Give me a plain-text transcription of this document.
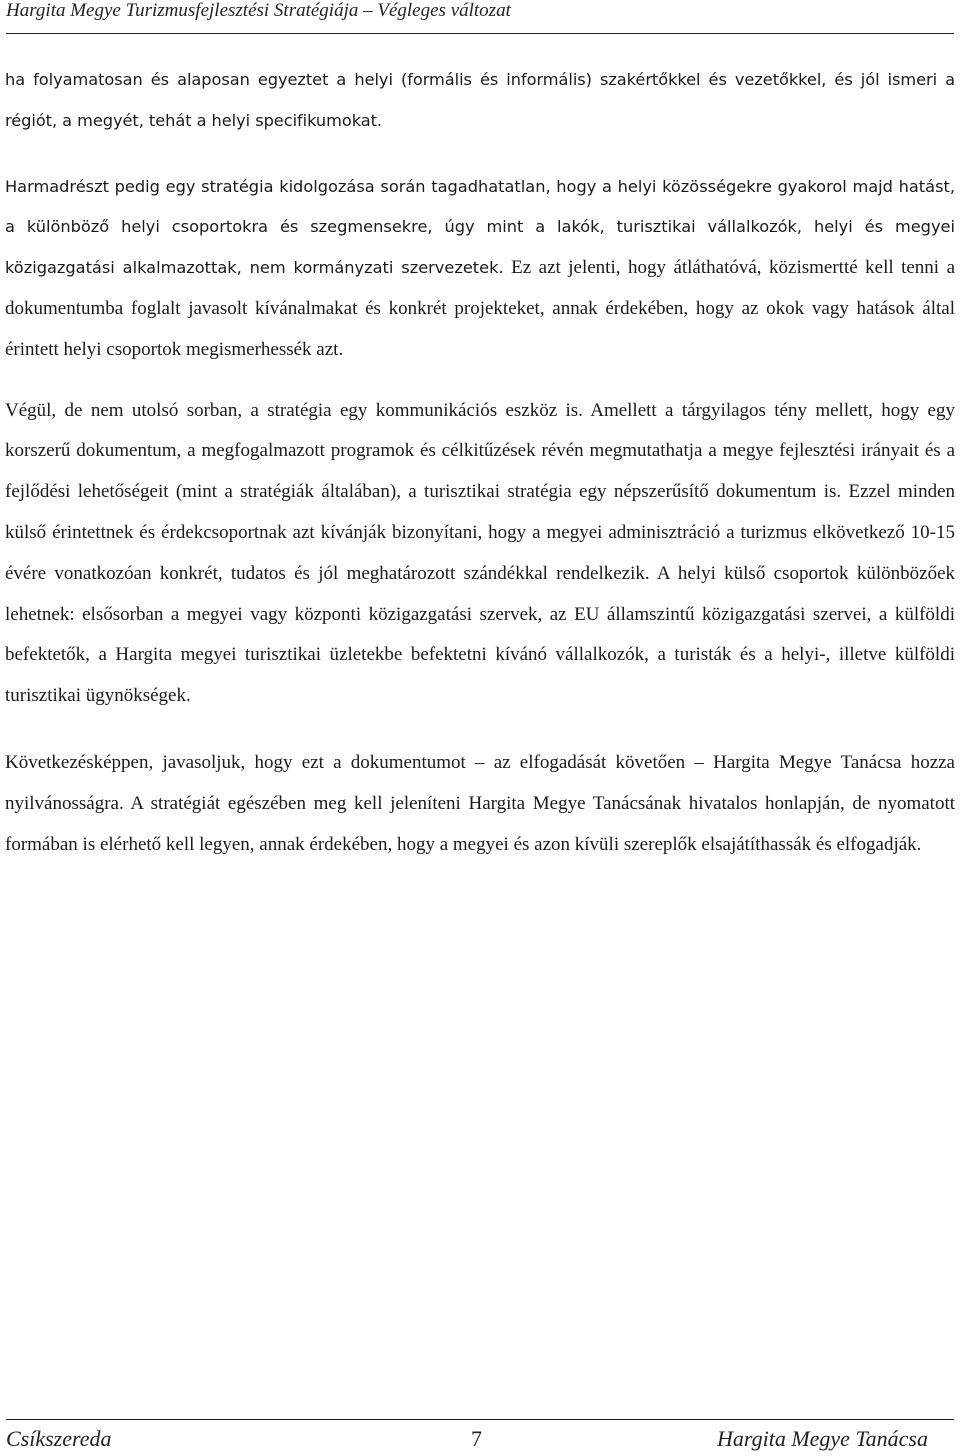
Hargita Megye Turizmusfejlesztési Stratégiája – Végleges változat

ha folyamatosan és alaposan egyeztet a helyi (formális és informális) szakértőkkel és vezetőkkel, és jól ismeri a régiót, a megyét, tehát a helyi specifikumokat.

Harmadrészt pedig egy stratégia kidolgozása során tagadhatatlan, hogy a helyi közösségekre gyakorol majd hatást, a különböző helyi csoportokra és szegmensekre, úgy mint a lakók, turisztikai vállalkozók, helyi és megyei közigazgatási alkalmazottak, nem kormányzati szervezetek. Ez azt jelenti, hogy átláthatóvá, közismertté kell tenni a dokumentumba foglalt javasolt kívánalmakat és konkrét projekteket, annak érdekében, hogy az okok vagy hatások által érintett helyi csoportok megismerhessék azt.

Végül, de nem utolsó sorban, a stratégia egy kommunikációs eszköz is. Amellett a tárgyilagos tény mellett, hogy egy korszerű dokumentum, a megfogalmazott programok és célkitűzések révén megmutathatja a megye fejlesztési irányait és a fejlődési lehetőségeit (mint a stratégiák általában), a turisztikai stratégia egy népszerűsítő dokumentum is. Ezzel minden külső érintettnek és érdekcsoportnak azt kívánják bizonyítani, hogy a megyei adminisztráció a turizmus elkövetkező 10-15 évére vonatkozóan konkrét, tudatos és jól meghatározott szándékkal rendelkezik. A helyi külső csoportok különbözőek lehetnek: elsősorban a megyei vagy központi közigazgatási szervek, az EU államszintű közigazgatási szervei, a külföldi befektetők, a Hargita megyei turisztikai üzletekbe befektetni kívánó vállalkozók, a turisták és a helyi-, illetve külföldi turisztikai ügynökségek.

Következésképpen, javasoljuk, hogy ezt a dokumentumot – az elfogadását követően – Hargita Megye Tanácsa hozza nyilvánosságra. A stratégiát egészében meg kell jeleníteni Hargita Megye Tanácsának hivatalos honlapján, de nyomatott formában is elérhető kell legyen, annak érdekében, hogy a megyei és azon kívüli szereplők elsajátíthassák és elfogadják.

Csíkszereda	7	Hargita Megye Tanácsa
